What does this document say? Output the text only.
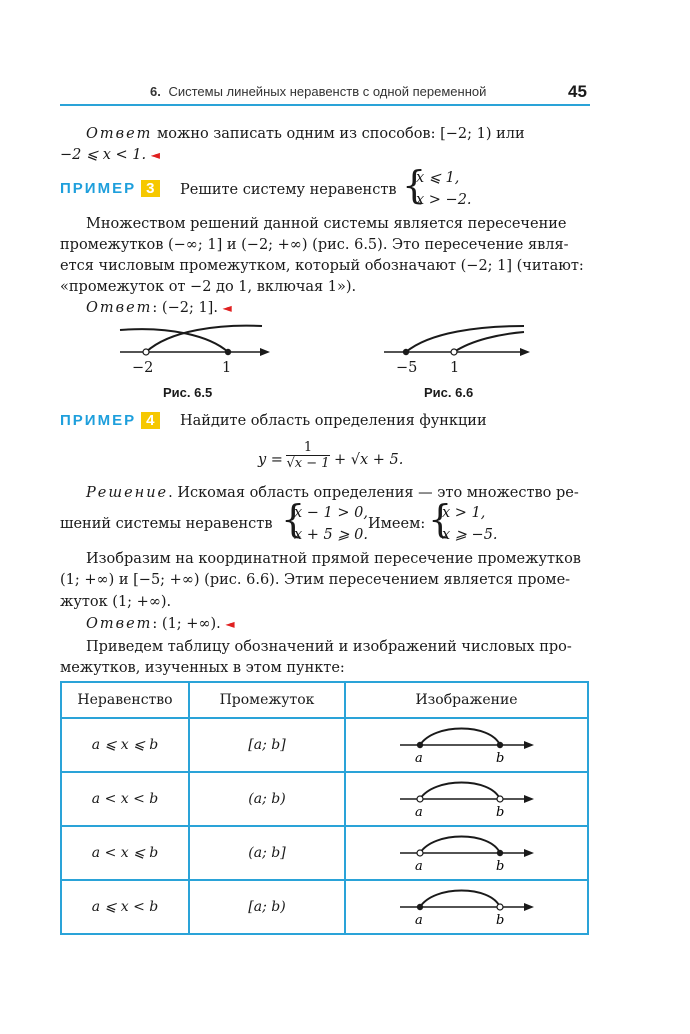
6. Системы линейных неравенств с одной переменной	45
Ответ можно записать одним из способов: [−2; 1) или
−2 ⩽ x < 1. ◄
ПРИМЕР 3	Решите систему неравенств {
x ⩽ 1,
x > −2.
Множеством решений данной системы является пересечение
промежутков (−∞; 1] и (−2; +∞) (рис. 6.5). Это пересечение явля-
ется числовым промежутком, который обозначают (−2; 1] (читают:
«промежуток от −2 до 1, включая 1»).
Ответ: (−2; 1]. ◄
−2	1
Рис. 6.5
−5 1
Рис. 6.6
ПРИМЕР 4	Найдите область определения функции
$y = \frac{1}{√x - 1} + √x + 5$.
Решение. Искомая область определения — это множество ре-
шений системы неравенств {
x − 1 > 0,
x + 5 ⩾ 0.
Имеем: {
x > 1,
x ⩾ −5.
Изобразим на координатной прямой пересечение промежутков
(1; +∞) и [−5; +∞) (рис. 6.6). Этим пересечением является проме-
жуток (1; +∞).
Ответ: (1; +∞). ◄
Приведем таблицу обозначений и изображений числовых про-
межутков, изученных в этом пункте:
Неравенство	Промежуток	Изображение
a ⩽ x ⩽ b	[a; b]	a b

a < x < b	(a; b)	a b

a < x ⩽ b	(a; b]	a b

a ⩽ x < b	[a; b)	a b
